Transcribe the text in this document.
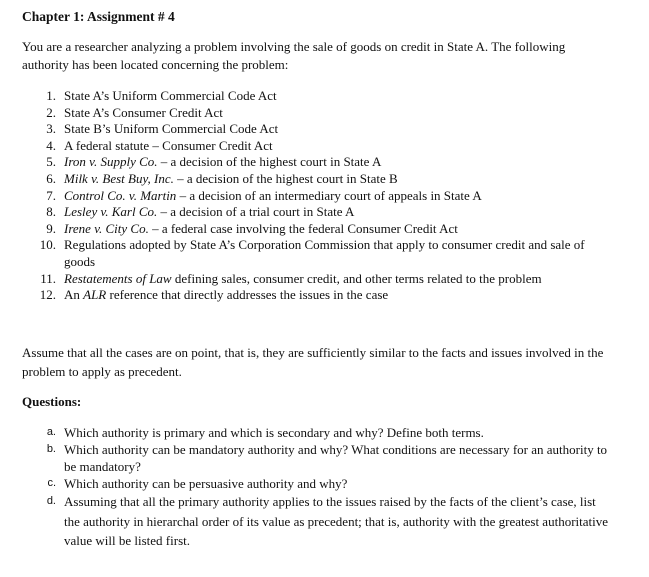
Chapter 1: Assignment # 4

You are a researcher analyzing a problem involving the sale of goods on credit in State A. The following authority has been located concerning the problem:

1. State A’s Uniform Commercial Code Act
2. State A’s Consumer Credit Act
3. State B’s Uniform Commercial Code Act
4. A federal statute – Consumer Credit Act
5. Iron v. Supply Co. – a decision of the highest court in State A
6. Milk v. Best Buy, Inc. – a decision of the highest court in State B
7. Control Co. v. Martin – a decision of an intermediary court of appeals in State A
8. Lesley v. Karl Co. – a decision of a trial court in State A
9. Irene v. City Co. – a federal case involving the federal Consumer Credit Act
10. Regulations adopted by State A’s Corporation Commission that apply to consumer credit and sale of goods
11. Restatements of Law defining sales, consumer credit, and other terms related to the problem
12. An ALR reference that directly addresses the issues in the case
Assume that all the cases are on point, that is, they are sufficiently similar to the facts and issues involved in the problem to apply as precedent.
Questions:
a. Which authority is primary and which is secondary and why? Define both terms.
b. Which authority can be mandatory authority and why? What conditions are necessary for an authority to be mandatory?
c. Which authority can be persuasive authority and why?
d. Assuming that all the primary authority applies to the issues raised by the facts of the client’s case, list the authority in hierarchal order of its value as precedent; that is, authority with the greatest authoritative value will be listed first.
